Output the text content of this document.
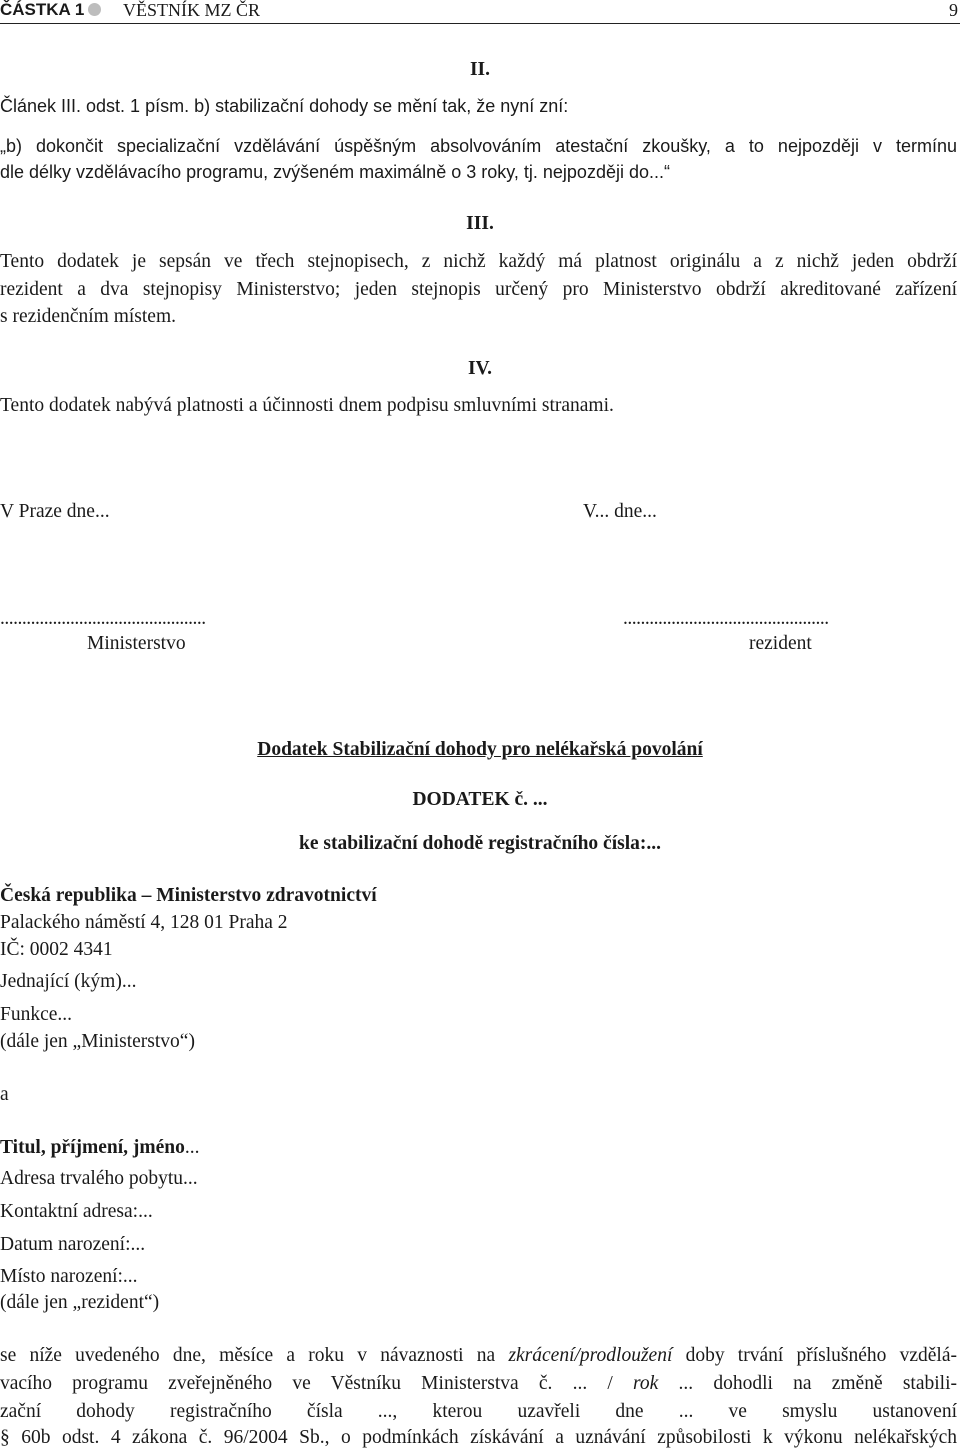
ČÁSTKA 1 VĚSTNÍK MZ ČR	9
II.
Článek III. odst. 1 písm. b) stabilizační dohody se mění tak, že nyní zní:
„b) dokončit specializační vzdělávání úspěšným absolvováním atestační zkoušky, a to nejpozději v termínu
dle délky vzdělávacího programu, zvýšeném maximálně o 3 roky, tj. nejpozději do...“
III.
Tento dodatek je sepsán ve třech stejnopisech, z nichž každý má platnost originálu a z nichž jeden obdrží
rezident a dva stejnopisy Ministerstvo; jeden stejnopis určený pro Ministerstvo obdrží akreditované zařízení
s rezidenčním místem.
IV.
Tento dodatek nabývá platnosti a účinnosti dnem podpisu smluvními stranami.
V Praze dne...	V... dne...
...............................................	...............................................
Ministerstvo	rezident
Dodatek Stabilizační dohody pro nelékařská povolání
DODATEK č. ...
ke stabilizační dohodě registračního čísla:...
Česká republika – Ministerstvo zdravotnictví
Palackého náměstí 4, 128 01 Praha 2
IČ: 0002 4341
Jednající (kým)...
Funkce...
(dále jen „Ministerstvo“)
a
Titul, příjmení, jméno...
Adresa trvalého pobytu...
Kontaktní adresa:...
Datum narození:...
Místo narození:...
(dále jen „rezident“)
se níže uvedeného dne, měsíce a roku v návaznosti na zkrácení/prodloužení doby trvání příslušného vzdělá-
vacího programu zveřejněného ve Věstníku Ministerstva č. ... / rok ... dohodli na změně stabili-
zační dohody registračního čísla ..., kterou uzavřeli dne ... ve smyslu ustanovení
§ 60b odst. 4 zákona č. 96/2004 Sb., o podmínkách získávání a uznávání způsobilosti k výkonu nelékařských
